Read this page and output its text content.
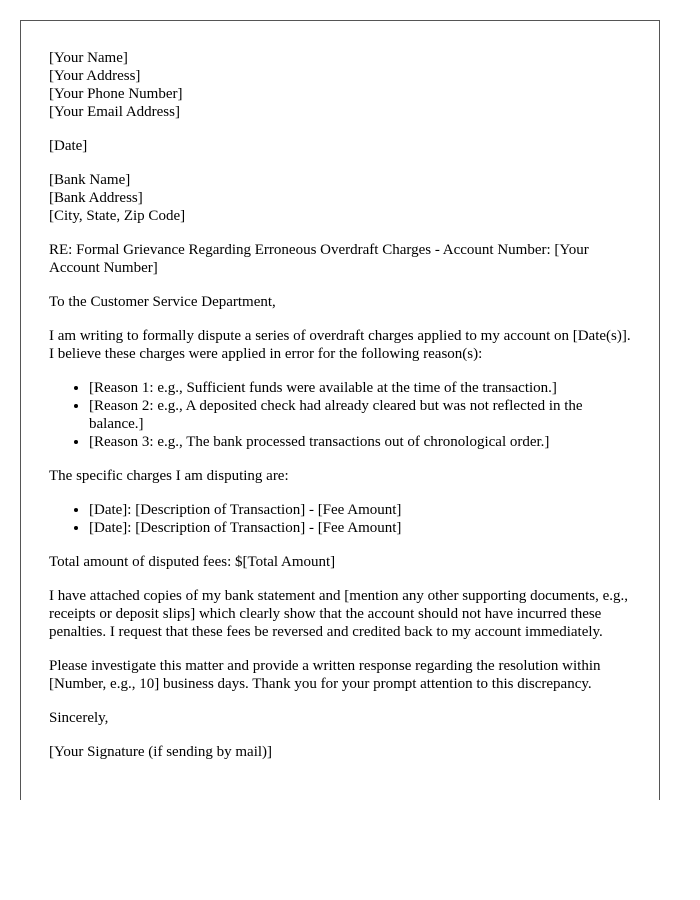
[Your Name]
[Your Address]
[Your Phone Number]
[Your Email Address]

[Date]

[Bank Name]
[Bank Address]
[City, State, Zip Code]

RE: Formal Grievance Regarding Erroneous Overdraft Charges - Account Number: [Your Account Number]

To the Customer Service Department,

I am writing to formally dispute a series of overdraft charges applied to my account on [Date(s)]. I believe these charges were applied in error for the following reason(s):

• [Reason 1: e.g., Sufficient funds were available at the time of the transaction.]
• [Reason 2: e.g., A deposited check had already cleared but was not reflected in the balance.]
• [Reason 3: e.g., The bank processed transactions out of chronological order.]

The specific charges I am disputing are:

• [Date]: [Description of Transaction] - [Fee Amount]
• [Date]: [Description of Transaction] - [Fee Amount]

Total amount of disputed fees: $[Total Amount]

I have attached copies of my bank statement and [mention any other supporting documents, e.g., receipts or deposit slips] which clearly show that the account should not have incurred these penalties. I request that these fees be reversed and credited back to my account immediately.

Please investigate this matter and provide a written response regarding the resolution within [Number, e.g., 10] business days. Thank you for your prompt attention to this discrepancy.

Sincerely,

[Your Signature (if sending by mail)]
